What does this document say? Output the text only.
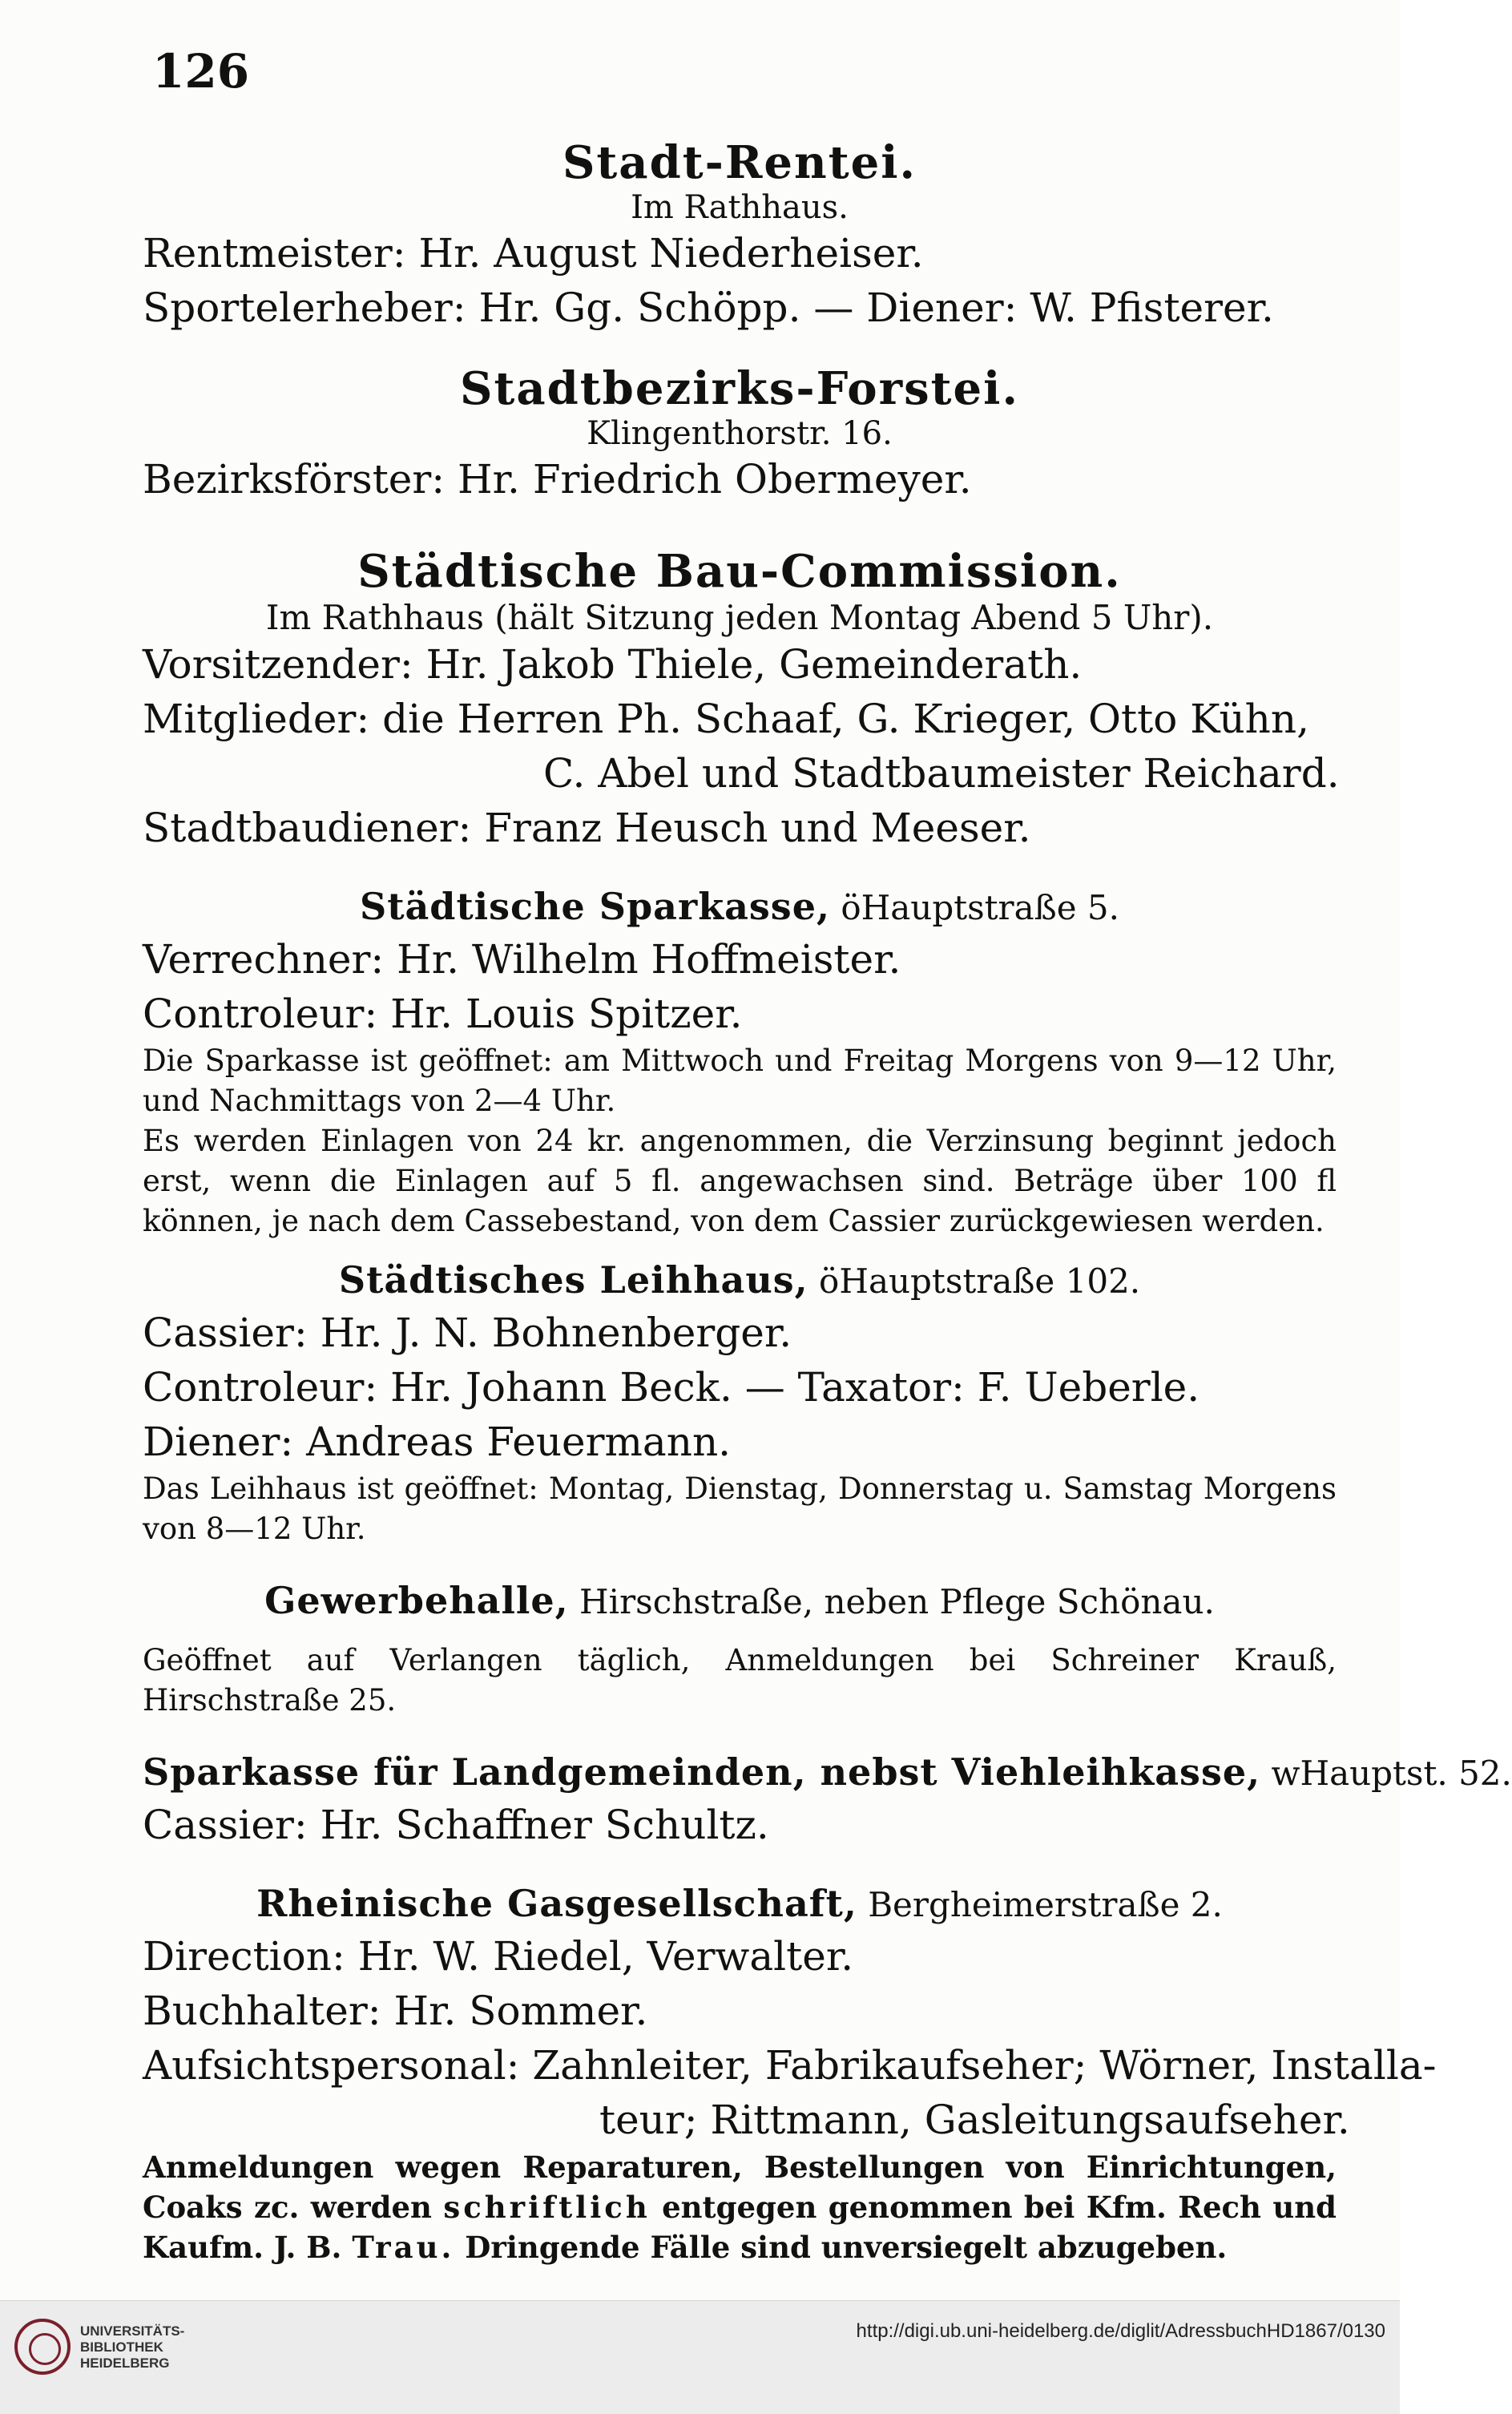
126
Stadt-Rentei.

Im Rathhaus.

Rentmeister: Hr. August Niederheiser.

Sportelerheber: Hr. Gg. Schöpp. — Diener: W. Pfisterer.

Stadtbezirks-Forstei.

Klingenthorstr. 16.

Bezirksförster: Hr. Friedrich Obermeyer.

Städtische Bau-Commission.

Im Rathhaus (hält Sitzung jeden Montag Abend 5 Uhr).

Vorsitzender: Hr. Jakob Thiele, Gemeinderath.

Mitglieder: die Herren Ph. Schaaf, G. Krieger, Otto Kühn,

C. Abel und Stadtbaumeister Reichard.

Stadtbaudiener: Franz Heusch und Meeser.

Städtische Sparkasse, öHauptstraße 5.

Verrechner: Hr. Wilhelm Hoffmeister.

Controleur: Hr. Louis Spitzer.

Die Sparkasse ist geöffnet: am Mittwoch und Freitag Morgens von 9—12 Uhr, und Nachmittags von 2—4 Uhr.

Es werden Einlagen von 24 kr. angenommen, die Verzinsung beginnt jedoch erst, wenn die Einlagen auf 5 fl. angewachsen sind. Beträge über 100 fl können, je nach dem Cassebestand, von dem Cassier zurückgewiesen werden.

Städtisches Leihhaus, öHauptstraße 102.

Cassier: Hr. J. N. Bohnenberger.

Controleur: Hr. Johann Beck. — Taxator: F. Ueberle.

Diener: Andreas Feuermann.

Das Leihhaus ist geöffnet: Montag, Dienstag, Donnerstag u. Samstag Morgens von 8—12 Uhr.

Gewerbehalle, Hirschstraße, neben Pflege Schönau.

Geöffnet auf Verlangen täglich, Anmeldungen bei Schreiner Krauß, Hirschstraße 25.

Sparkasse für Landgemeinden, nebst Viehleihkasse, wHauptst. 52.

Cassier: Hr. Schaffner Schultz.

Rheinische Gasgesellschaft, Bergheimerstraße 2.

Direction: Hr. W. Riedel, Verwalter.

Buchhalter: Hr. Sommer.

Aufsichtspersonal: Zahnleiter, Fabrikaufseher; Wörner, Installa-

teur; Rittmann, Gasleitungsaufseher.

Anmeldungen wegen Reparaturen, Bestellungen von Einrichtungen, Coaks zc. werden schriftlich entgegen genommen bei Kfm. Rech und Kaufm. J. B. Trau. Dringende Fälle sind unversiegelt abzugeben.

UNIVERSITÄTS-
BIBLIOTHEK
HEIDELBERG
http://digi.ub.uni-heidelberg.de/diglit/AdressbuchHD1867/0130
